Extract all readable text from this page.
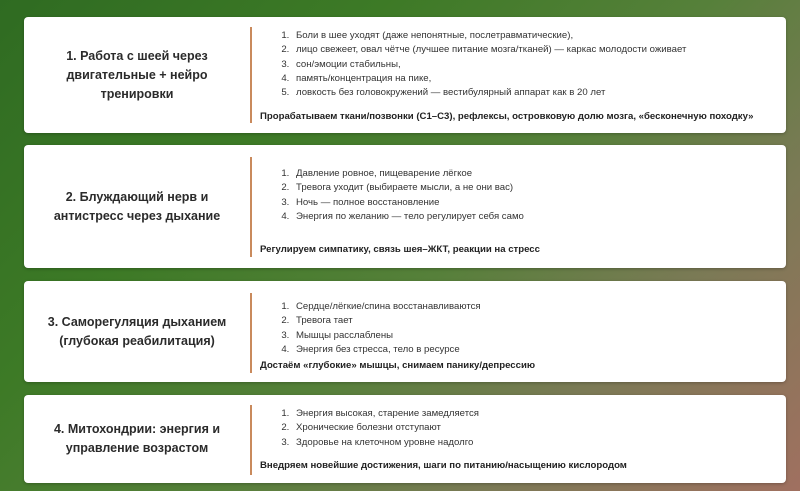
1. Работа с шеей через двигательные + нейро тренировки
1. Боли в шее уходят (даже непонятные, послетравматические),
2. лицо свежеет, овал чётче (лучшее питание мозга/тканей) — каркас молодости оживает
3. сон/эмоции стабильны,
4. память/концентрация на пике,
5. ловкость без головокружений — вестибулярный аппарат как в 20 лет
Прорабатываем ткани/позвонки (С1–С3), рефлексы, островковую долю мозга, «бесконечную походку»
2. Блуждающий нерв и антистресс через дыхание
1. Давление ровное, пищеварение лёгкое
2. Тревога уходит (выбираете мысли, а не они вас)
3. Ночь — полное восстановление
4. Энергия по желанию — тело регулирует себя само
Регулируем симпатику, связь шея–ЖКТ, реакции на стресс
3. Саморегуляция дыханием (глубокая реабилитация)
1. Сердце/лёгкие/спина восстанавливаются
2. Тревога тает
3. Мышцы расслаблены
4. Энергия без стресса, тело в ресурсе
Достаём «глубокие» мышцы, снимаем панику/депрессию
4. Митохондрии: энергия и управление возрастом
1. Энергия высокая, старение замедляется
2. Хронические болезни отступают
3. Здоровье на клеточном уровне надолго
Внедряем новейшие достижения, шаги по питанию/насыщению кислородом
